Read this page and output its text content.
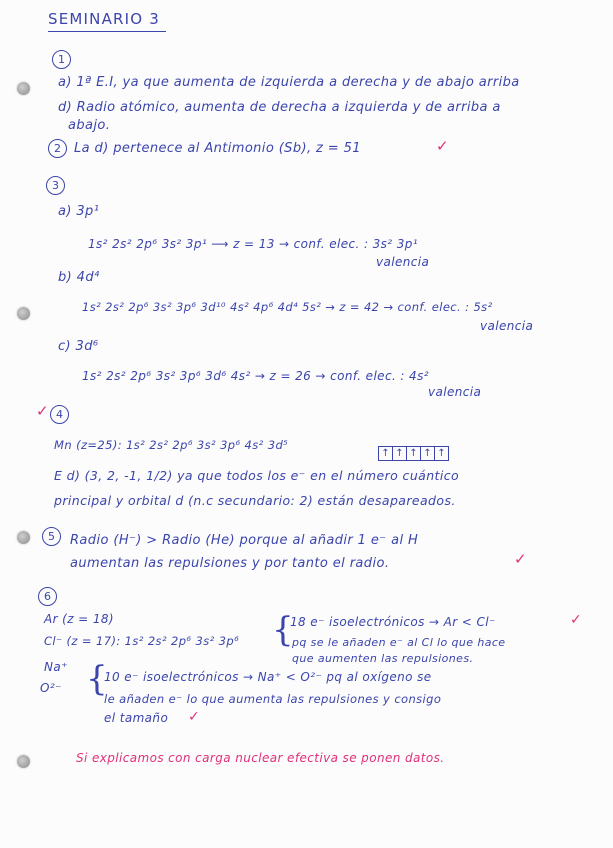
SEMINARIO 3
1
a) 1ª E.I, ya que aumenta de izquierda a derecha y de abajo arriba
d) Radio atómico, aumenta de derecha a izquierda y de arriba a
abajo.
2	La d) pertenece al Antimonio (Sb), z = 51	✓
3
a) 3p¹
1s² 2s² 2p⁶ 3s² 3p¹ ⟶ z = 13 → conf. elec. : 3s² 3p¹
valencia
b) 4d⁴
1s² 2s² 2p⁶ 3s² 3p⁶ 3d¹⁰ 4s² 4p⁶ 4d⁴ 5s² → z = 42 → conf. elec. : 5s²
valencia
c) 3d⁶
1s² 2s² 2p⁶ 3s² 3p⁶ 3d⁶ 4s² → z = 26 → conf. elec. : 4s²
valencia
✓ 4
Mn (z=25): 1s² 2s² 2p⁶ 3s² 3p⁶ 4s² 3d⁵
↑ ↑ ↑ ↑ ↑
E d) (3, 2, -1, 1/2) ya que todos los e⁻ en el número cuántico
principal y orbital d (n.c secundario: 2) están desapareados.
5	Radio (H⁻) > Radio (He) porque al añadir 1 e⁻ al H
aumentan las repulsiones y por tanto el radio.	✓
6
Ar (z = 18)
Cl⁻ (z = 17): 1s² 2s² 2p⁶ 3s² 3p⁶ {
18 e⁻ isoelectrónicos → Ar < Cl⁻	✓
pq se le añaden e⁻ al Cl lo que hace
que aumenten las repulsiones.
Na⁺
O²⁻ {
10 e⁻ isoelectrónicos → Na⁺ < O²⁻ pq al oxígeno se
le añaden e⁻ lo que aumenta las repulsiones y consigo
el tamaño ✓
Si explicamos con carga nuclear efectiva se ponen datos.
